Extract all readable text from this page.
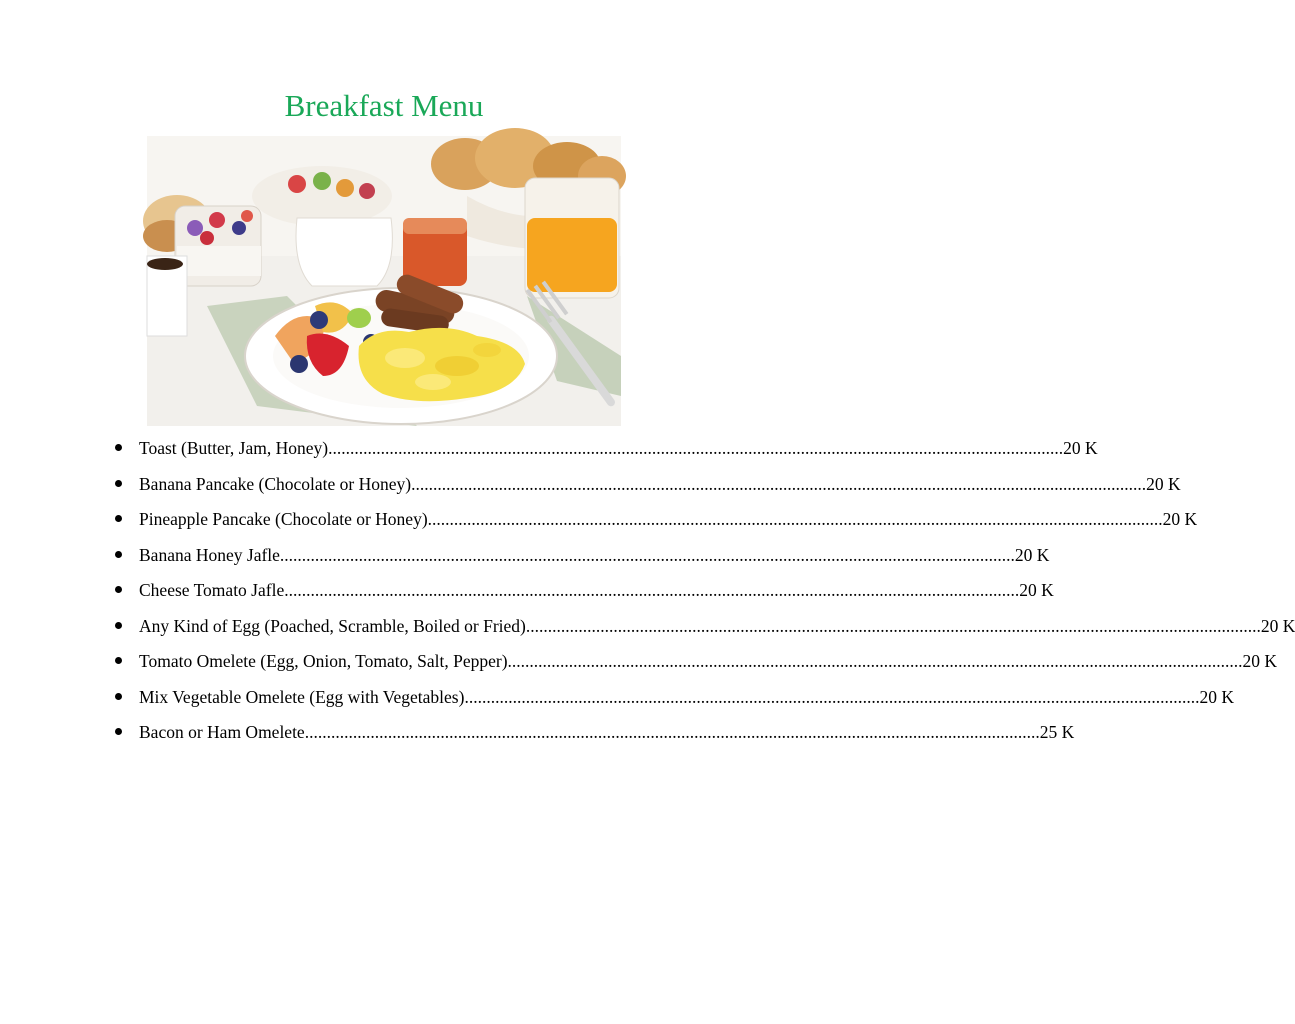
Breakfast Menu
Toast (Butter, Jam, Honey) ........................................................................................................................................................................ 20 K
Banana Pancake (Chocolate or Honey) ........................................................................................................................................................................ 20 K
Pineapple Pancake (Chocolate or Honey) ........................................................................................................................................................................ 20 K
Banana Honey Jafle ........................................................................................................................................................................ 20 K
Cheese Tomato Jafle ........................................................................................................................................................................ 20 K
Any Kind of Egg (Poached, Scramble, Boiled or Fried) ........................................................................................................................................................................ 20 K
Tomato Omelete (Egg, Onion, Tomato, Salt, Pepper) ........................................................................................................................................................................ 20 K
Mix Vegetable Omelete (Egg with Vegetables) ........................................................................................................................................................................ 20 K
Bacon or Ham Omelete ........................................................................................................................................................................ 25 K
